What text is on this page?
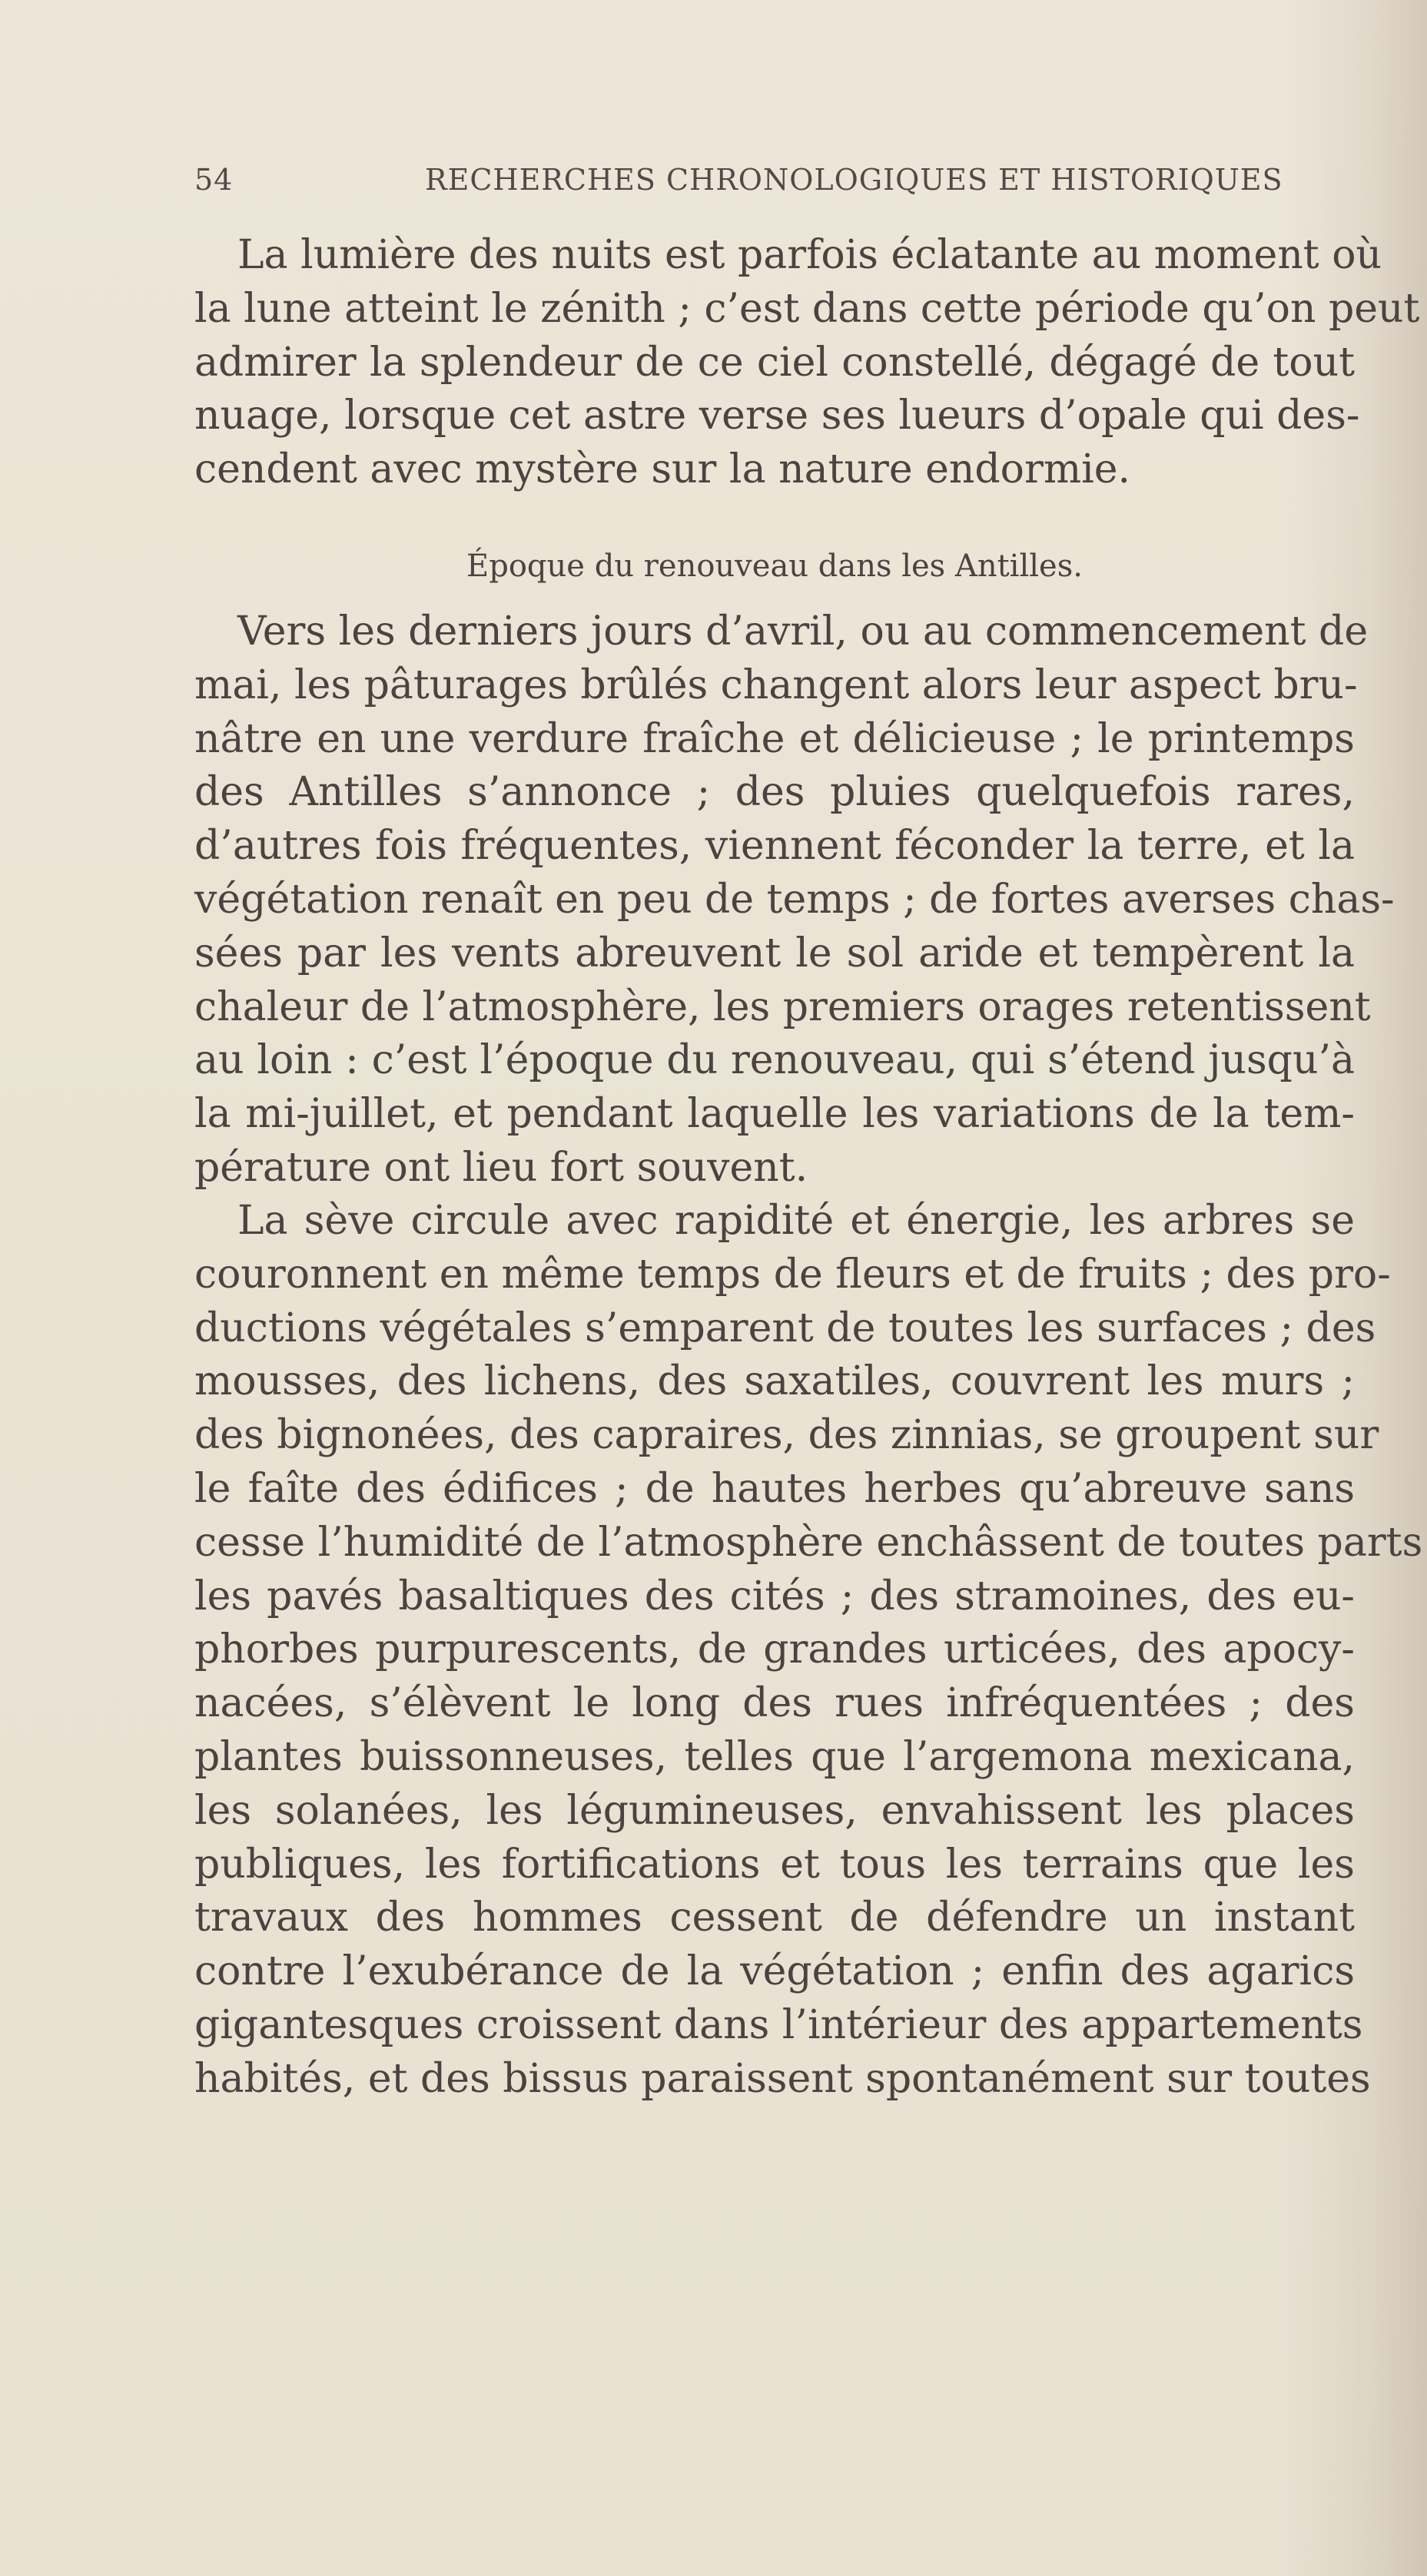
54	RECHERCHES CHRONOLOGIQUES ET HISTORIQUES
La lumière des nuits est parfois éclatante au moment où
la lune atteint le zénith ; c’est dans cette période qu’on peut
admirer la splendeur de ce ciel constellé, dégagé de tout
nuage, lorsque cet astre verse ses lueurs d’opale qui des-
cendent avec mystère sur la nature endormie.
Époque du renouveau dans les Antilles.
Vers les derniers jours d’avril, ou au commencement de
mai, les pâturages brûlés changent alors leur aspect bru-
nâtre en une verdure fraîche et délicieuse ; le printemps
des Antilles s’annonce ; des pluies quelquefois rares,
d’autres fois fréquentes, viennent féconder la terre, et la
végétation renaît en peu de temps ; de fortes averses chas-
sées par les vents abreuvent le sol aride et tempèrent la
chaleur de l’atmosphère, les premiers orages retentissent
au loin : c’est l’époque du renouveau, qui s’étend jusqu’à
la mi-juillet, et pendant laquelle les variations de la tem-
pérature ont lieu fort souvent.
La sève circule avec rapidité et énergie, les arbres se
couronnent en même temps de fleurs et de fruits ; des pro-
ductions végétales s’emparent de toutes les surfaces ; des
mousses, des lichens, des saxatiles, couvrent les murs ;
des bignonées, des capraires, des zinnias, se groupent sur
le faîte des édifices ; de hautes herbes qu’abreuve sans
cesse l’humidité de l’atmosphère enchâssent de toutes parts
les pavés basaltiques des cités ; des stramoines, des eu-
phorbes purpurescents, de grandes urticées, des apocy-
nacées, s’élèvent le long des rues infréquentées ; des
plantes buissonneuses, telles que l’argemona mexicana,
les solanées, les légumineuses, envahissent les places
publiques, les fortifications et tous les terrains que les
travaux des hommes cessent de défendre un instant
contre l’exubérance de la végétation ; enfin des agarics
gigantesques croissent dans l’intérieur des appartements
habités, et des bissus paraissent spontanément sur toutes
